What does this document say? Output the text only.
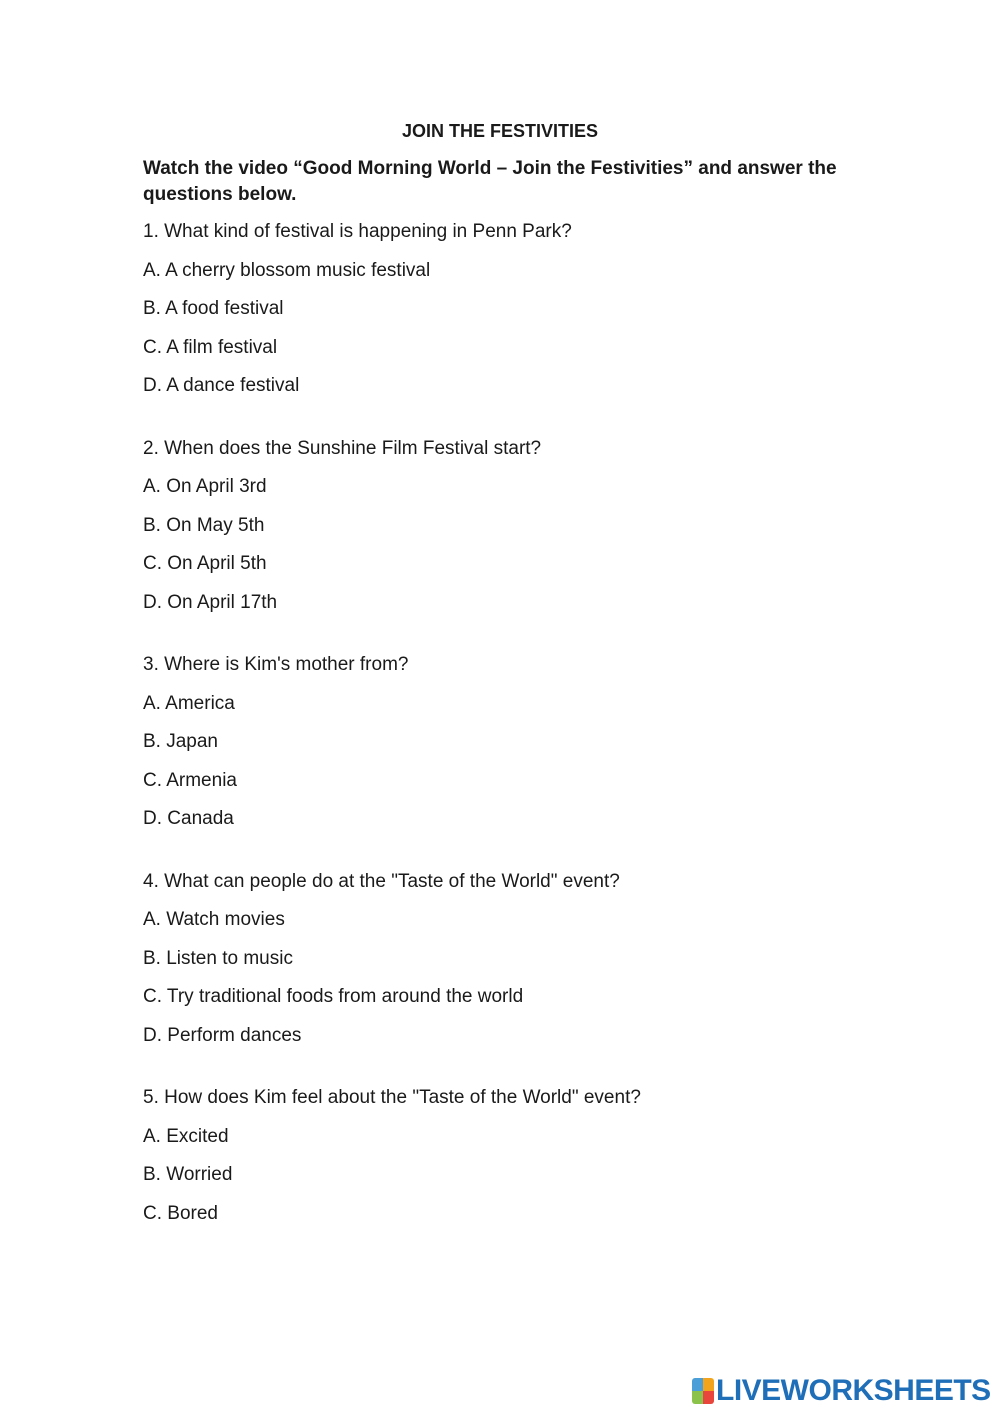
JOIN THE FESTIVITIES
Watch the video “Good Morning World – Join the Festivities” and answer the questions below.
1. What kind of festival is happening in Penn Park?
A. A cherry blossom music festival
B. A food festival
C. A film festival
D. A dance festival
2. When does the Sunshine Film Festival start?
A. On April 3rd
B. On May 5th
C. On April 5th
D. On April 17th
3. Where is Kim's mother from?
A. America
B. Japan
C. Armenia
D. Canada
4. What can people do at the "Taste of the World" event?
A. Watch movies
B. Listen to music
C. Try traditional foods from around the world
D. Perform dances
5. How does Kim feel about the "Taste of the World" event?
A. Excited
B. Worried
C. Bored
LIVEWORKSHEETS
